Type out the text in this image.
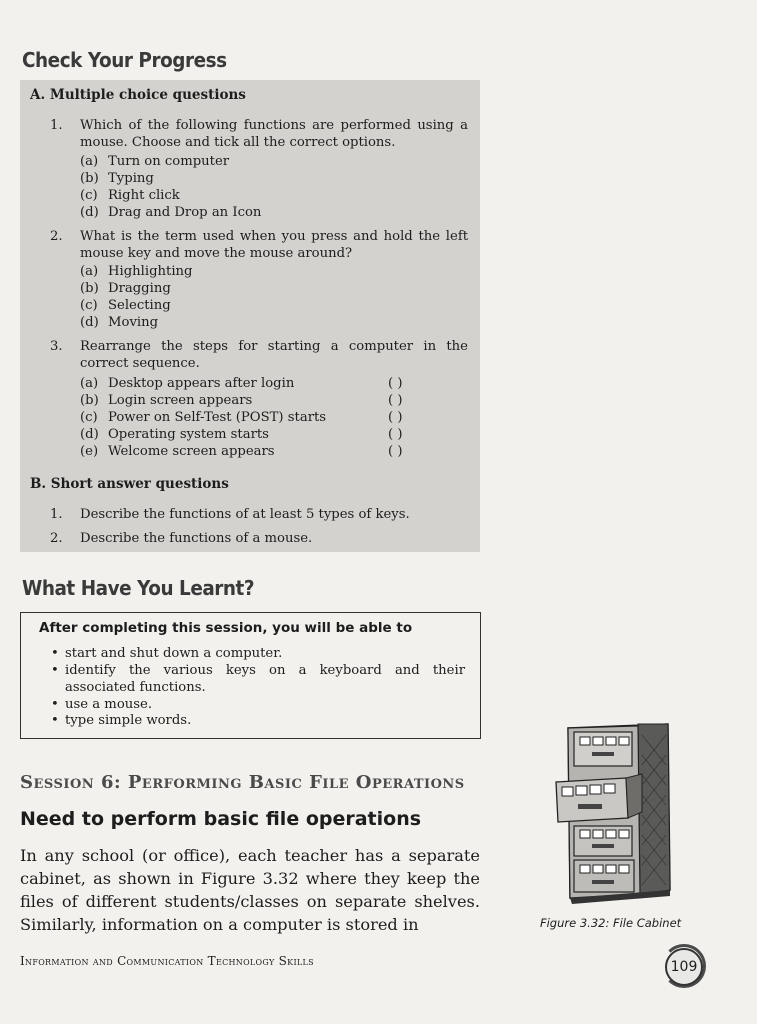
Check Your Progress
A. Multiple choice questions
1. Which of the following functions are performed using a mouse. Choose and tick all the correct options.
(a) Turn on computer
(b) Typing
(c) Right click
(d) Drag and Drop an Icon
2. What is the term used when you press and hold the left mouse key and move the mouse around?
(a) Highlighting
(b) Dragging
(c) Selecting
(d) Moving
3. Rearrange the steps for starting a computer in the correct sequence.
(a) Desktop appears after login	( )
(b) Login screen appears	( )
(c) Power on Self-Test (POST) starts	( )
(d) Operating system starts	( )
(e) Welcome screen appears	( )
B. Short answer questions
1. Describe the functions of at least 5 types of keys.
2. Describe the functions of a mouse.
What Have You Learnt?
After completing this session, you will be able to
• start and shut down a computer.
• identify the various keys on a keyboard and their associated functions.
• use a mouse.
• type simple words.
Session 6: Performing Basic File Operations
Need to perform basic file operations
In any school (or office), each teacher has a separate cabinet, as shown in Figure 3.32 where they keep the files of different students/classes on separate shelves. Similarly, information on a computer is stored in	Figure 3.32: File Cabinet
Information and Communication Technology Skills	109
